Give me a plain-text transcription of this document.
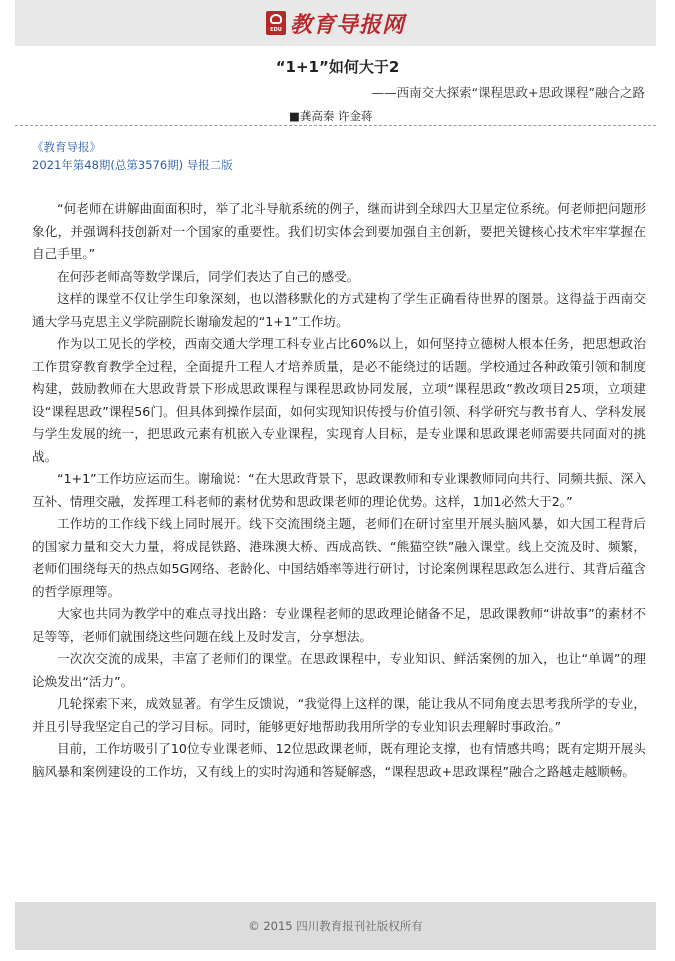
EDU 教育导报网
“1+1”如何大于2

——西南交大探索“课程思政+思政课程”融合之路

■龚高秦 许金蒋
《教育导报》
2021年第48期(总第3576期) 导报二版

“何老师在讲解曲面面积时，举了北斗导航系统的例子，继而讲到全球四大卫星定位系统。何老师把问题形象化，并强调科技创新对一个国家的重要性。我们切实体会到要加强自主创新，要把关键核心技术牢牢掌握在自己手里。”

在何莎老师高等数学课后，同学们表达了自己的感受。

这样的课堂不仅让学生印象深刻，也以潜移默化的方式建构了学生正确看待世界的图景。这得益于西南交通大学马克思主义学院副院长谢瑜发起的“1+1”工作坊。

作为以工见长的学校，西南交通大学理工科专业占比60%以上，如何坚持立德树人根本任务，把思想政治工作贯穿教育教学全过程，全面提升工程人才培养质量，是必不能绕过的话题。学校通过各种政策引领和制度构建，鼓励教师在大思政背景下形成思政课程与课程思政协同发展，立项“课程思政”教改项目25项，立项建设“课程思政”课程56门。但具体到操作层面，如何实现知识传授与价值引领、科学研究与教书育人、学科发展与学生发展的统一，把思政元素有机嵌入专业课程，实现育人目标，是专业课和思政课老师需要共同面对的挑战。

“1+1”工作坊应运而生。谢瑜说：“在大思政背景下，思政课教师和专业课教师同向共行、同频共振、深入互补、情理交融，发挥理工科老师的素材优势和思政课老师的理论优势。这样，1加1必然大于2。”

工作坊的工作线下线上同时展开。线下交流围绕主题，老师们在研讨室里开展头脑风暴，如大国工程背后的国家力量和交大力量，将成昆铁路、港珠澳大桥、西成高铁、“熊猫空铁”融入课堂。线上交流及时、频繁，老师们围绕每天的热点如5G网络、老龄化、中国结婚率等进行研讨，讨论案例课程思政怎么进行、其背后蕴含的哲学原理等。

大家也共同为教学中的难点寻找出路：专业课程老师的思政理论储备不足，思政课教师“讲故事”的素材不足等等，老师们就围绕这些问题在线上及时发言，分享想法。

一次次交流的成果，丰富了老师们的课堂。在思政课程中，专业知识、鲜活案例的加入，也让“单调”的理论焕发出“活力”。

几轮探索下来，成效显著。有学生反馈说，“我觉得上这样的课，能让我从不同角度去思考我所学的专业，并且引导我坚定自己的学习目标。同时，能够更好地帮助我用所学的专业知识去理解时事政治。”

目前，工作坊吸引了10位专业课老师、12位思政课老师，既有理论支撑，也有情感共鸣；既有定期开展头脑风暴和案例建设的工作坊，又有线上的实时沟通和答疑解惑，“课程思政+思政课程”融合之路越走越顺畅。

© 2015 四川教育报刊社版权所有
